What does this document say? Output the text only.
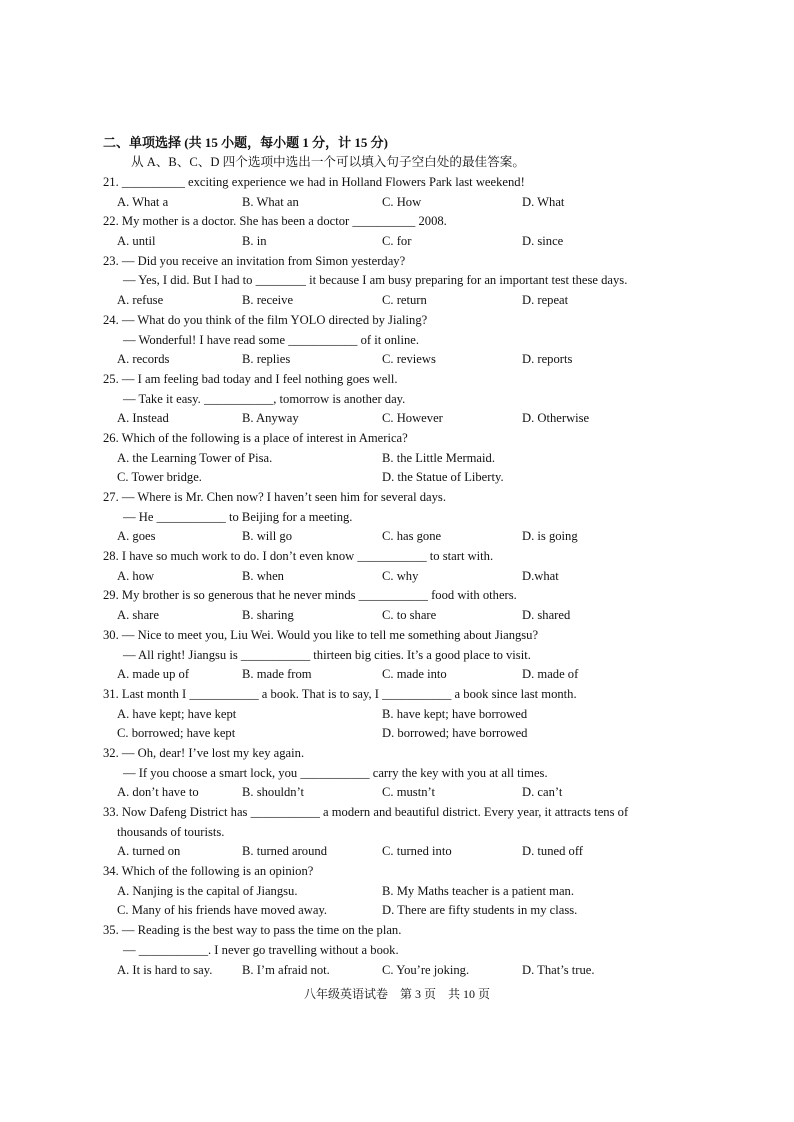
二、单项选择 (共 15 小题，每小题 1 分，计 15 分)
从 A、B、C、D 四个选项中选出一个可以填入句子空白处的最佳答案。
21. __________ exciting experience we had in Holland Flowers Park last weekend!
A. What a	B. What an	C. How	D. What
22. My mother is a doctor. She has been a doctor __________ 2008.
A. until	B. in	C. for	D. since
23. — Did you receive an invitation from Simon yesterday?
— Yes, I did. But I had to ________ it because I am busy preparing for an important test these days.
A. refuse	B. receive	C. return	D. repeat
24. — What do you think of the film YOLO directed by Jialing?
— Wonderful! I have read some ___________ of it online.
A. records	B. replies	C. reviews	D. reports
25. — I am feeling bad today and I feel nothing goes well.
— Take it easy. ___________, tomorrow is another day.
A. Instead	B. Anyway	C. However	D. Otherwise
26. Which of the following is a place of interest in America?
A. the Learning Tower of Pisa.	B. the Little Mermaid.
C. Tower bridge.	D. the Statue of Liberty.
27. — Where is Mr. Chen now? I haven’t seen him for several days.
— He ___________ to Beijing for a meeting.
A. goes	B. will go	C. has gone	D. is going
28. I have so much work to do. I don’t even know ___________ to start with.
A. how	B. when	C. why	D.what
29. My brother is so generous that he never minds ___________ food with others.
A. share	B. sharing	C. to share	D. shared
30. — Nice to meet you, Liu Wei. Would you like to tell me something about Jiangsu?
— All right! Jiangsu is ___________ thirteen big cities. It’s a good place to visit.
A. made up of	B. made from	C. made into	D. made of
31. Last month I ___________ a book. That is to say, I ___________ a book since last month.
A. have kept; have kept	B. have kept; have borrowed
C. borrowed; have kept	D. borrowed; have borrowed
32. — Oh, dear! I’ve lost my key again.
— If you choose a smart lock, you ___________ carry the key with you at all times.
A. don’t have to	B. shouldn’t	C. mustn’t	D. can’t
33. Now Dafeng District has ___________ a modern and beautiful district. Every year, it attracts tens of
thousands of tourists.
A. turned on	B. turned around	C. turned into	D. tuned off
34. Which of the following is an opinion?
A. Nanjing is the capital of Jiangsu.	B. My Maths teacher is a patient man.
C. Many of his friends have moved away.	D. There are fifty students in my class.
35. — Reading is the best way to pass the time on the plan.
— ___________. I never go travelling without a book.
A. It is hard to say. B. I’m afraid not.	C. You’re joking.	D. That’s true.
八年级英语试卷　第 3 页　共 10 页
